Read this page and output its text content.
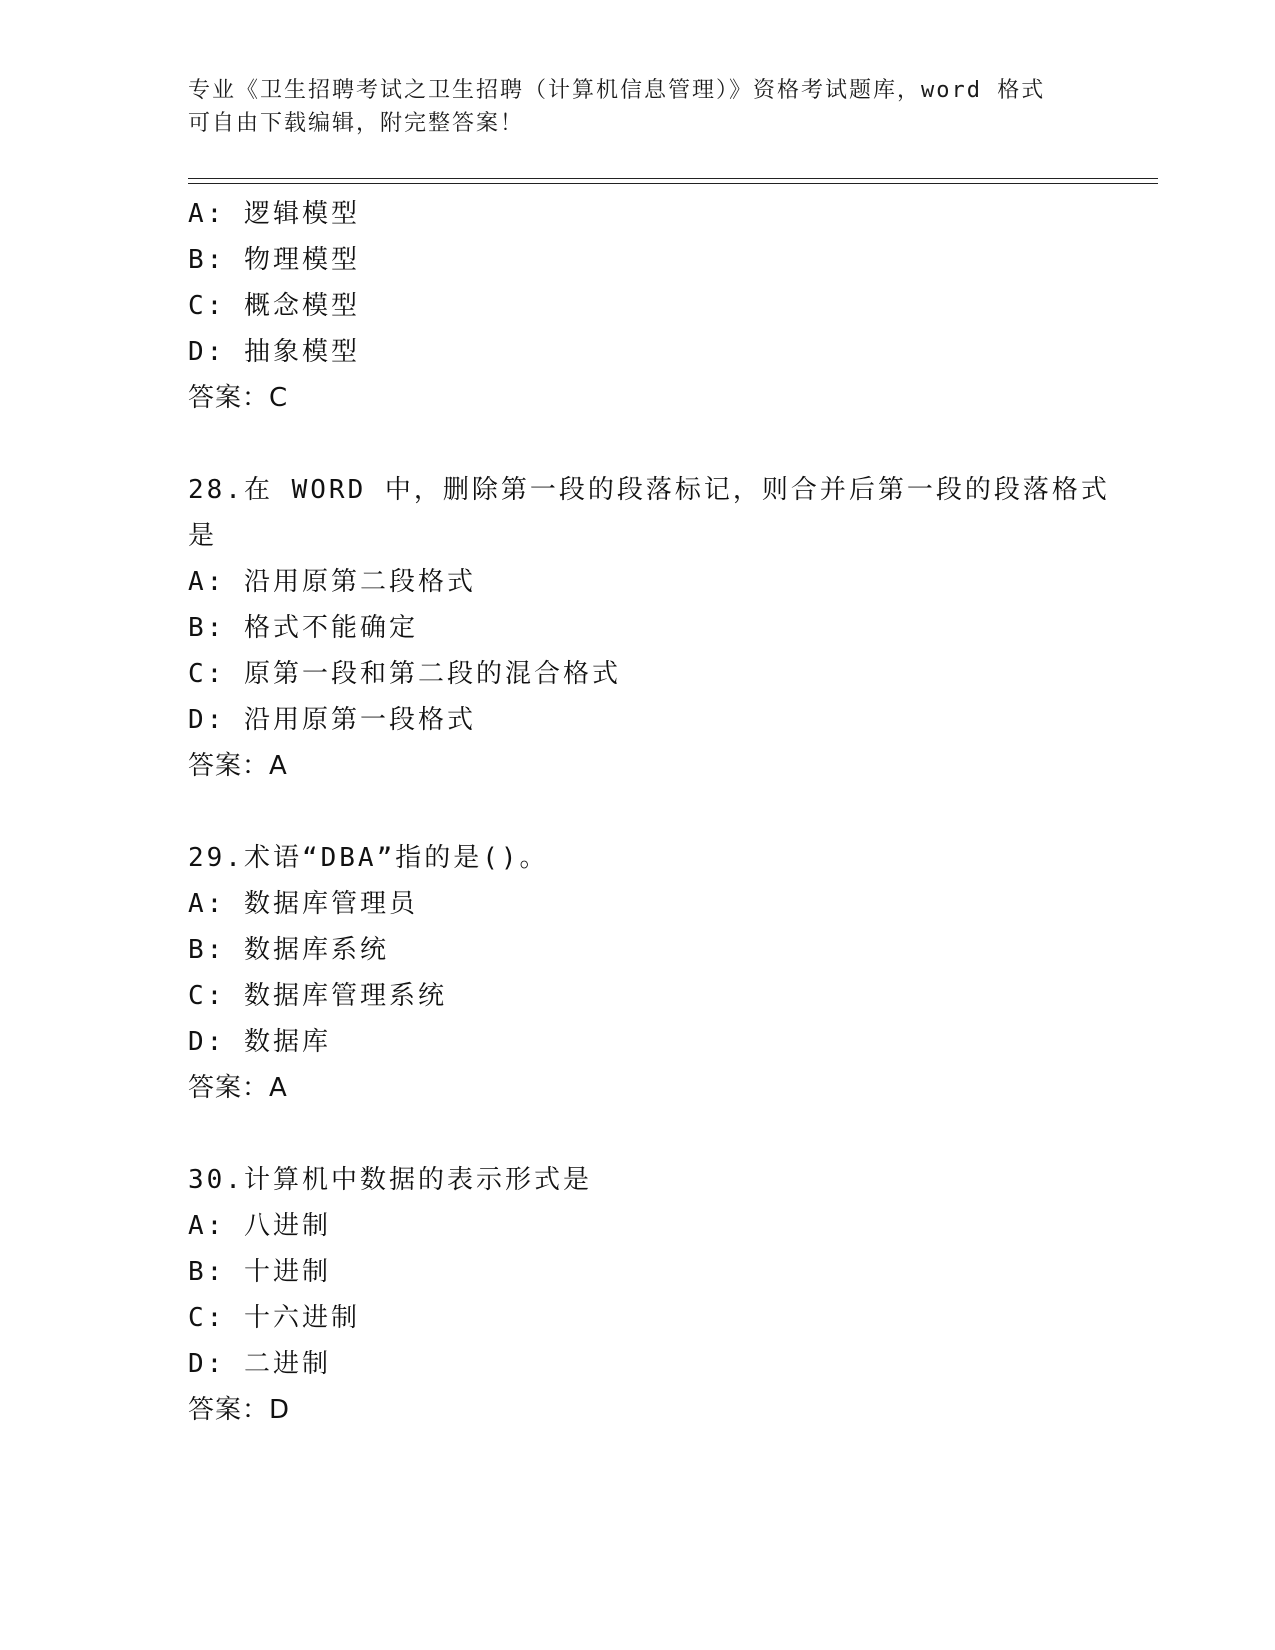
专业《卫生招聘考试之卫生招聘（计算机信息管理）》资格考试题库，word 格式
可自由下载编辑，附完整答案！
A: 逻辑模型
B: 物理模型
C: 概念模型
D: 抽象模型
答案：C
28.在 WORD 中，删除第一段的段落标记，则合并后第一段的段落格式
是
A: 沿用原第二段格式
B: 格式不能确定
C: 原第一段和第二段的混合格式
D: 沿用原第一段格式
答案：A
29.术语“DBA”指的是()。
A: 数据库管理员
B: 数据库系统
C: 数据库管理系统
D: 数据库
答案：A
30.计算机中数据的表示形式是
A: 八进制
B: 十进制
C: 十六进制
D: 二进制
答案：D
